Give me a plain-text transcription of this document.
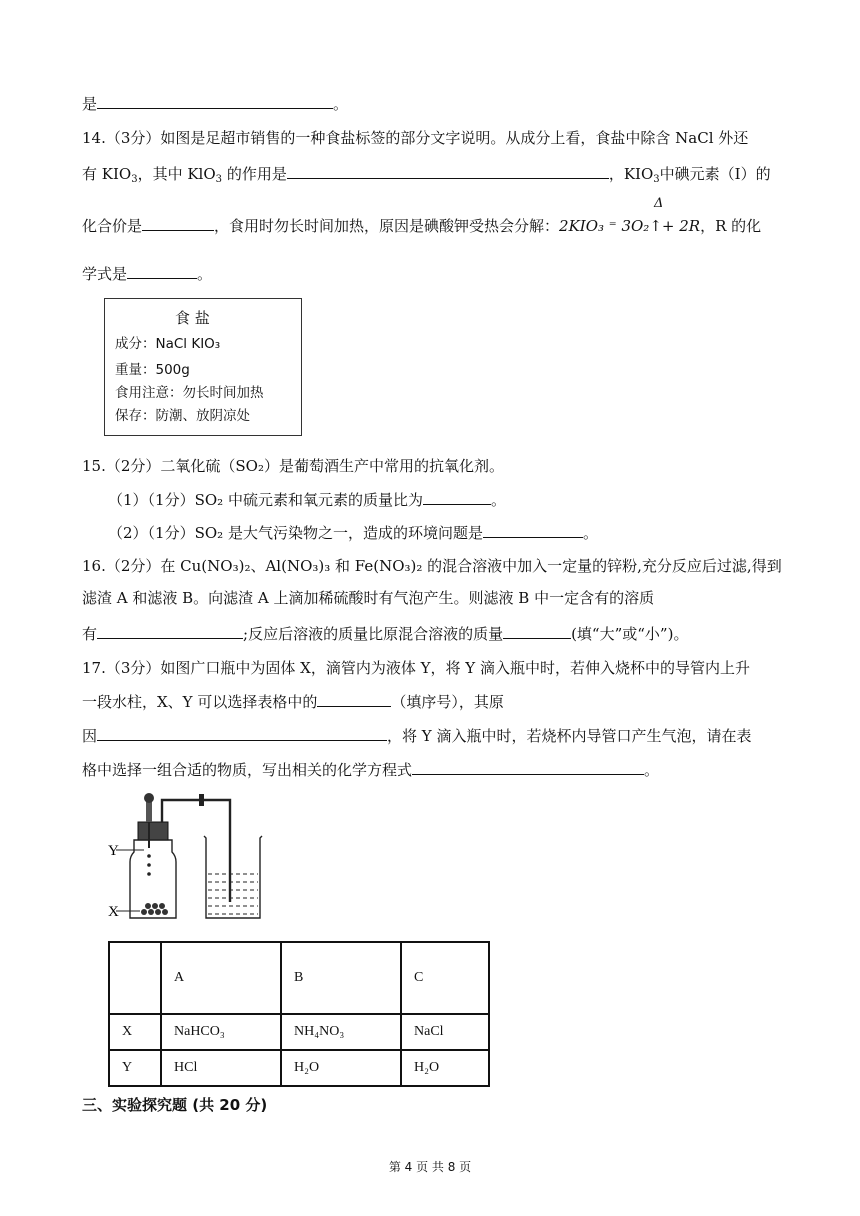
是	。
14.（3分）如图是足超市销售的一种食盐标签的部分文字说明。从成分上看，食盐中除含 NaCl 外还
有 $KIO_3$，其中 KlO$_3$ 的作用是	，$KIO_3$中碘元素（I）的
Δ
化合价是	，食用时勿长时间加热，原因是碘酸钾受热会分解：2KIO₃ ⁼ 3O₂↑+ 2R，R 的化
学式是	。
食 盐
成分：NaCl KIO₃
重量：500g
食用注意：勿长时间加热
保存：防潮、放阴凉处
15.（2分）二氧化硫（SO₂）是葡萄酒生产中常用的抗氧化剂。
（1）（1分）SO₂ 中硫元素和氧元素的质量比为	。
（2）（1分）SO₂ 是大气污染物之一，造成的环境问题是	。
16.（2分）在 Cu(NO₃)₂、Al(NO₃)₃ 和 Fe(NO₃)₂ 的混合溶液中加入一定量的锌粉,充分反应后过滤,得到
滤渣 A 和滤液 B。向滤渣 A 上滴加稀硫酸时有气泡产生。则滤液 B 中一定含有的溶质
有	;反应后溶液的质量比原混合溶液的质量	(填“大”或“小”)。
17.（3分）如图广口瓶中为固体 X，滴管内为液体 Y，将 Y 滴入瓶中时，若伸入烧杯中的导管内上升
一段水柱，X、Y 可以选择表格中的	（填序号），其原
因	，将 Y 滴入瓶中时，若烧杯内导管口产生气泡，请在表
格中选择一组合适的物质，写出相关的化学方程式	。
Y
X
	A	B	C
X	NaHCO₃	NH₄NO₃	NaCl
Y	HCl	H₂O	H₂O
三、实验探究题 (共 20 分)
第 4 页 共 8 页
